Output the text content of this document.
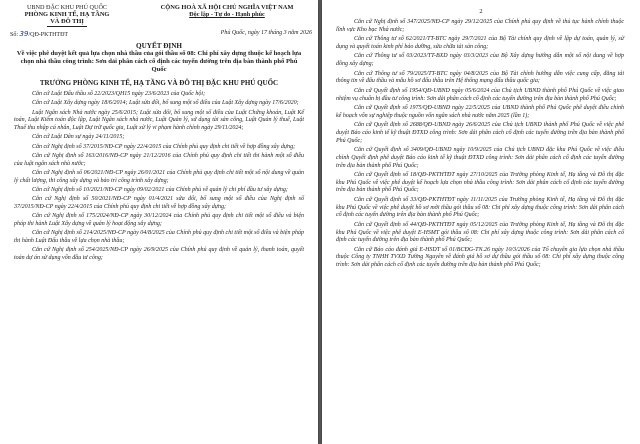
UBND ĐẶC KHU PHÚ QUỐC
PHÒNG KINH TẾ, HẠ TẦNG
VÀ ĐÔ THỊ
CỘNG HOÀ XÃ HỘI CHỦ NGHĨA VIỆT NAM
Độc lập - Tự do - Hạnh phúc
Số: 39/QĐ-PKTHTĐT	Phú Quốc, ngày 17 tháng 3 năm 2026
QUYẾT ĐỊNH
Về việc phê duyệt kết quả lựa chọn nhà thầu của gói thầu số 08: Chi phí xây dựng thuộc kế hoạch lựa chọn nhà thầu công trình: Sơn dải phân cách cố định các tuyến đường trên địa bàn thành phố Phú Quốc
TRƯỞNG PHÒNG KINH TẾ, HẠ TẦNG VÀ ĐÔ THỊ ĐẶC KHU PHÚ QUỐC

Căn cứ Luật Đấu thầu số 22/2023/QH15 ngày 23/6/2023 của Quốc hội;

Căn cứ Luật Xây dựng ngày 18/6/2014; Luật sửa đổi, bổ sung một số điều của Luật Xây dựng ngày 17/6/2020;

Luật Ngân sách Nhà nước ngày 25/6/2015; Luật sửa đổi, bổ sung một số điều của Luật Chứng khoán, Luật Kế toán, Luật Kiểm toán độc lập, Luật Ngân sách nhà nước, Luật Quản lý, sử dụng tài sản công, Luật Quản lý thuế, Luật Thuế thu nhập cá nhân, Luật Dự trữ quốc gia, Luật xử lý vi phạm hành chính ngày 29/11/2024;

Căn cứ Luật Dân sự ngày 24/11/2015;

Căn cứ Nghị định số 37/2015/NĐ-CP ngày 22/4/2015 của Chính phủ quy định chi tiết về hợp đồng xây dựng;

Căn cứ Nghị định số 163/2016/NĐ-CP ngày 21/12/2016 của Chính phủ quy định chi tiết thi hành một số điều của luật ngân sách nhà nước;

Căn cứ Nghị định số 06/2021/NĐ-CP ngày 26/01/2021 của Chính phủ quy định chi tiết một số nội dung về quản lý chất lượng, thi công xây dựng và bảo trì công trình xây dựng;

Căn cứ Nghị định số 10/2021/NĐ-CP ngày 09/02/2021 của Chính phủ về quản lý chi phí đầu tư xây dựng;

Căn cứ Nghị định số 50/2021/NĐ-CP ngày 01/4/2021 sửa đổi, bổ sung một số điều của Nghị định số 37/2015/NĐ-CP ngày 22/4/2015 của Chính phủ quy định chi tiết về hợp đồng xây dựng;

Căn cứ Nghị định số 175/2024/NĐ-CP ngày 30/12/2024 của Chính phủ quy định chi tiết một số điều và biện pháp thi hành Luật Xây dựng về quản lý hoạt động xây dựng;

Căn cứ Nghị định số 214/2025/NĐ-CP ngày 04/8/2025 của Chính phủ quy định chi tiết một số điều và biện pháp thi hành Luật Đấu thầu về lựa chọn nhà thầu;

Căn cứ Nghị định số 254/2025/NĐ-CP ngày 26/9/2025 của Chính phủ quy định về quản lý, thanh toán, quyết toán dự án sử dụng vốn đầu tư công;

2

Căn cứ Nghị định số 347/2025/NĐ-CP ngày 29/12/2025 của Chính phủ quy định về thủ tục hành chính thuộc lĩnh vực Kho bạc Nhà nước;

Căn cứ Thông tư số 62/2021/TT-BTC ngày 29/7/2021 của Bộ Tài chính quy định về lập dự toán, quản lý, sử dụng và quyết toán kinh phí bảo dưỡng, sửa chữa tài sản công;

Căn cứ Thông tư số 03/2023/TT-BXD ngày 03/3/2023 của Bộ Xây dựng hướng dẫn một số nội dung về hợp đồng xây dựng;

Căn cứ Thông tư số 79/2025/TT-BTC ngày 04/8/2025 của Bộ Tài chính hướng dẫn việc cung cấp, đăng tải thông tin về đấu thầu và mẫu hồ sơ đấu thầu trên Hệ thống mạng đấu thầu quốc gia;

Căn cứ Quyết định số 1954/QĐ-UBND ngày 05/6/2024 của Chủ tịch UBND thành phố Phú Quốc về việc giao nhiệm vụ chuẩn bị đầu tư công trình: Sơn dải phân cách cố định các tuyến đường trên địa bàn thành phố Phú Quốc;

Căn cứ Quyết định số 1975/QĐ-UBND ngày 22/5/2025 của UBND thành phố Phú Quốc phê duyệt điều chỉnh kế hoạch vốn sự nghiệp thuộc nguồn vốn ngân sách nhà nước năm 2025 (lần 1);

Căn cứ Quyết định số 2688/QĐ-UBND ngày 26/6/2025 của Chủ tịch UBND thành phố Phú Quốc về việc phê duyệt Báo cáo kinh tế kỹ thuật ĐTXD công trình: Sơn dải phân cách cố định các tuyến đường trên địa bàn thành phố Phú Quốc;

Căn cứ Quyết định số 3409/QĐ-UBND ngày 10/9/2025 của Chủ tịch UBND đặc khu Phú Quốc về việc điều chỉnh Quyết định phê duyệt Báo cáo kinh tế kỹ thuật ĐTXD công trình: Sơn dải phân cách cố định các tuyến đường trên địa bàn thành phố Phú Quốc;

Căn cứ Quyết định số 18/QĐ-PKTHTĐT ngày 27/10/2025 của Trưởng phòng Kinh tế, Hạ tầng và Đô thị đặc khu Phú Quốc về việc phê duyệt kế hoạch lựa chọn nhà thầu công trình: Sơn dải phân cách cố định các tuyến đường trên địa bàn thành phố Phú Quốc;

Căn cứ Quyết định số 33/QĐ-PKTHTĐT ngày 11/11/2025 của Trưởng phòng Kinh tế, Hạ tầng và Đô thị đặc khu Phú Quốc về việc phê duyệt hồ sơ mời thầu gói thầu số 08: Chi phí xây dựng thuộc công trình: Sơn dải phân cách cố định các tuyến đường trên địa bàn thành phố Phú Quốc;

Căn cứ Quyết định số 44/QĐ-PKTHTĐT ngày 05/12/2025 của Trưởng phòng Kinh tế, Hạ tầng và Đô thị đặc khu Phú Quốc về việc phê duyệt E-HSMT gói thầu số 08: Chi phí xây dựng thuộc công trình: Sơn dải phân cách cố định các tuyến đường trên địa bàn thành phố Phú Quốc;

Căn cứ Báo cáo đánh giá E-HSDT số 01/BCĐG-TN.26 ngày 10/3/2026 của Tổ chuyên gia lựa chọn nhà thầu thuộc Công ty TNHH TVXD Tường Nguyên về đánh giá hồ sơ dự thầu gói thầu số 08: Chi phí xây dựng thuộc công trình: Sơn dải phân cách cố định các tuyến đường trên địa bàn thành phố Phú Quốc;
